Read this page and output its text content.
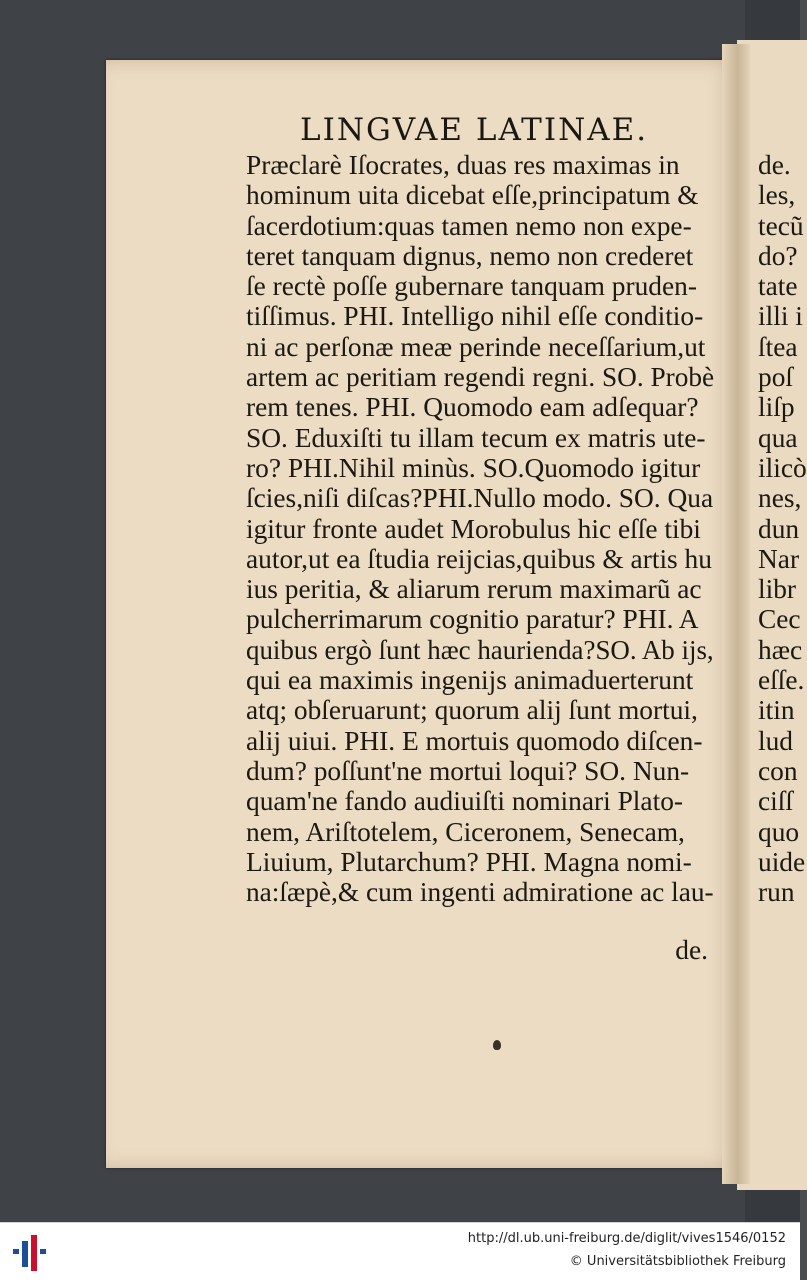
LINGVAE LATINAE.
Præclarè Iſocrates, duas res maximas in
hominum uita dicebat eſſe,principatum &
ſacerdotium:quas tamen nemo non expe-
teret tanquam dignus, nemo non crederet
ſe rectè poſſe gubernare tanquam pruden-
tiſſimus. PHI. Intelligo nihil eſſe conditio-
ni ac perſonæ meæ perinde neceſſarium,ut
artem ac peritiam regendi regni. SO. Probè
rem tenes. PHI. Quomodo eam adſequar?
SO. Eduxiſti tu illam tecum ex matris ute-
ro? PHI.Nihil minùs. SO.Quomodo igitur
ſcies,niſi diſcas?PHI.Nullo modo. SO. Qua
igitur fronte audet Morobulus hic eſſe tibi
autor,ut ea ſtudia reijcias,quibus & artis hu
ius peritia, & aliarum rerum maximarũ ac
pulcherrimarum cognitio paratur? PHI. A
quibus ergò ſunt hæc haurienda?SO. Ab ijs,
qui ea maximis ingenijs animaduerterunt
atq; obſeruarunt; quorum alij ſunt mortui,
alij uiui. PHI. E mortuis quomodo diſcen-
dum? poſſunt'ne mortui loqui? SO. Nun-
quam'ne fando audiuiſti nominari Plato-
nem, Ariſtotelem, Ciceronem, Senecam,
Liuium, Plutarchum? PHI. Magna nomi-
na:ſæpè,& cum ingenti admiratione ac lau-
de.
de.
les,
tecũ
do?
tate
illi i
ſtea
poſ
liſp
qua
ilicò
nes,
dun
Nar
libr
Cec
hæc
eſſe.
itin
lud
con
ciſſ
quo
uide
run
http://dl.ub.uni-freiburg.de/diglit/vives1546/0152
© Universitätsbibliothek Freiburg
